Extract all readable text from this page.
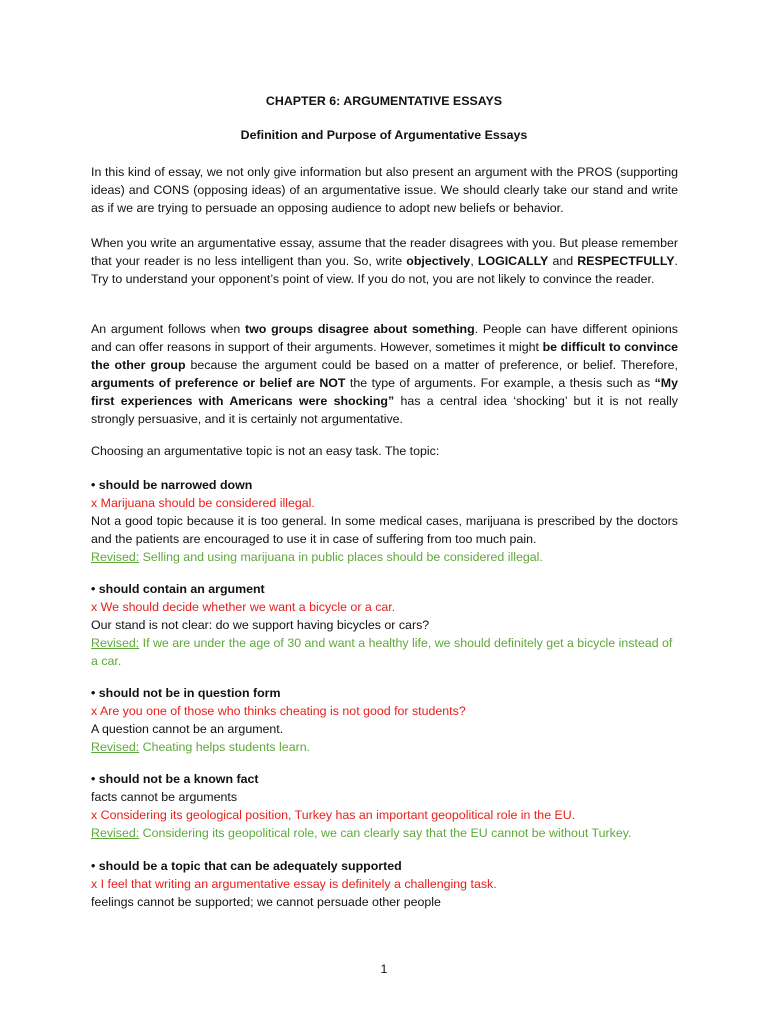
CHAPTER 6: ARGUMENTATIVE ESSAYS
Definition and Purpose of Argumentative Essays
In this kind of essay, we not only give information but also present an argument with the PROS (supporting ideas) and CONS (opposing ideas) of an argumentative issue. We should clearly take our stand and write as if we are trying to persuade an opposing audience to adopt new beliefs or behavior.
When you write an argumentative essay, assume that the reader disagrees with you. But please remember that your reader is no less intelligent than you. So, write objectively, LOGICALLY and RESPECTFULLY. Try to understand your opponent’s point of view. If you do not, you are not likely to convince the reader.
An argument follows when two groups disagree about something. People can have different opinions and can offer reasons in support of their arguments. However, sometimes it might be difficult to convince the other group because the argument could be based on a matter of preference, or belief. Therefore, arguments of preference or belief are NOT the type of arguments. For example, a thesis such as “My first experiences with Americans were shocking” has a central idea ‘shocking’ but it is not really strongly persuasive, and it is certainly not argumentative.
Choosing an argumentative topic is not an easy task. The topic:
• should be narrowed down
x Marijuana should be considered illegal.
Not a good topic because it is too general. In some medical cases, marijuana is prescribed by the doctors and the patients are encouraged to use it in case of suffering from too much pain.
Revised: Selling and using marijuana in public places should be considered illegal.
• should contain an argument
x We should decide whether we want a bicycle or a car.
Our stand is not clear: do we support having bicycles or cars?
Revised: If we are under the age of 30 and want a healthy life, we should definitely get a bicycle instead of a car.
• should not be in question form
x Are you one of those who thinks cheating is not good for students?
A question cannot be an argument.
Revised: Cheating helps students learn.
• should not be a known fact
facts cannot be arguments
x Considering its geological position, Turkey has an important geopolitical role in the EU.
Revised: Considering its geopolitical role, we can clearly say that the EU cannot be without Turkey.
• should be a topic that can be adequately supported
x I feel that writing an argumentative essay is definitely a challenging task.
feelings cannot be supported; we cannot persuade other people
1
